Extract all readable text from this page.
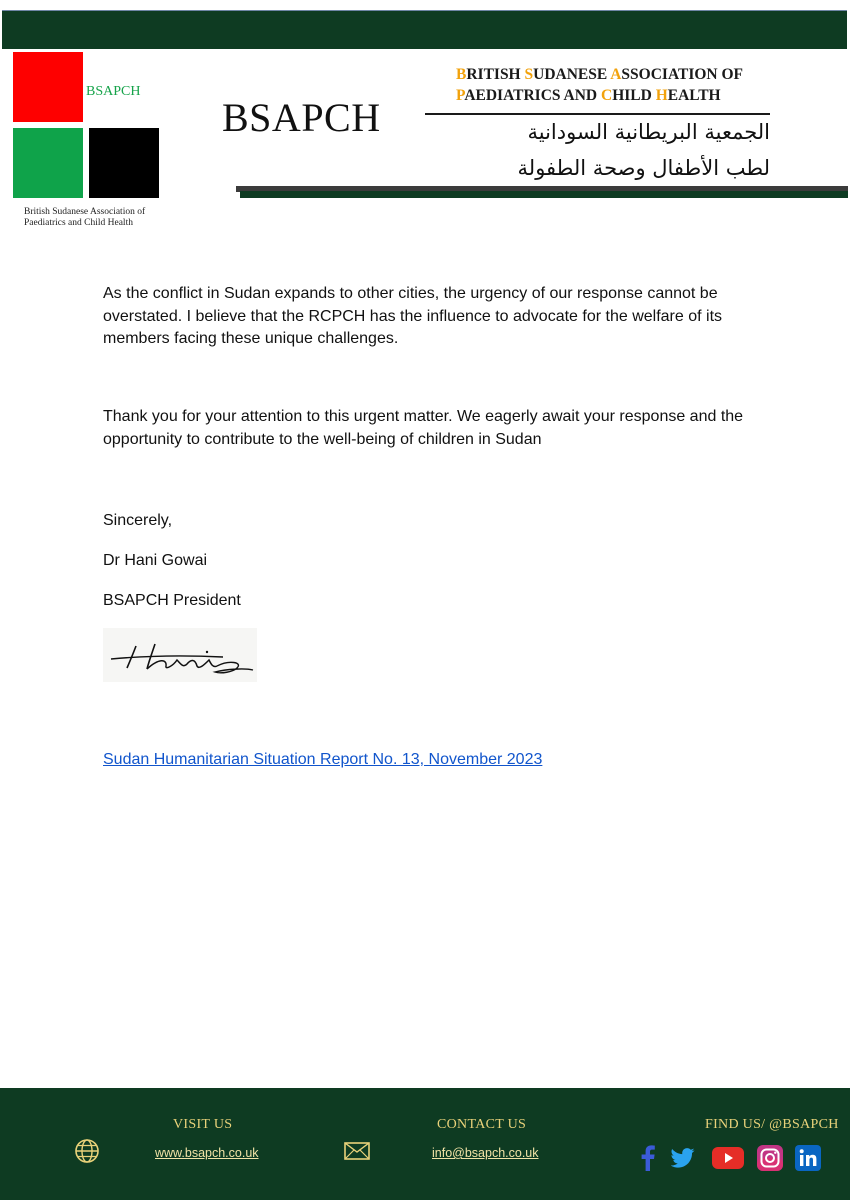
BSAPCH
British Sudanese Association of Paediatrics and Child Health
BSAPCH
BRITISH SUDANESE ASSOCIATION OF
PAEDIATRICS AND CHILD HEALTH
الجمعية البريطانية السودانية
لطب الأطفال وصحة الطفولة
As the conflict in Sudan expands to other cities, the urgency of our response cannot be overstated. I believe that the RCPCH has the influence to advocate for the welfare of its members facing these unique challenges.
Thank you for your attention to this urgent matter. We eagerly await your response and the opportunity to contribute to the well-being of children in Sudan
Sincerely,
Dr Hani Gowai
BSAPCH President
Sudan Humanitarian Situation Report No. 13, November 2023
VISIT US	CONTACT US	FIND US/ @BSAPCH
www.bsapch.co.uk	info@bsapch.co.uk
